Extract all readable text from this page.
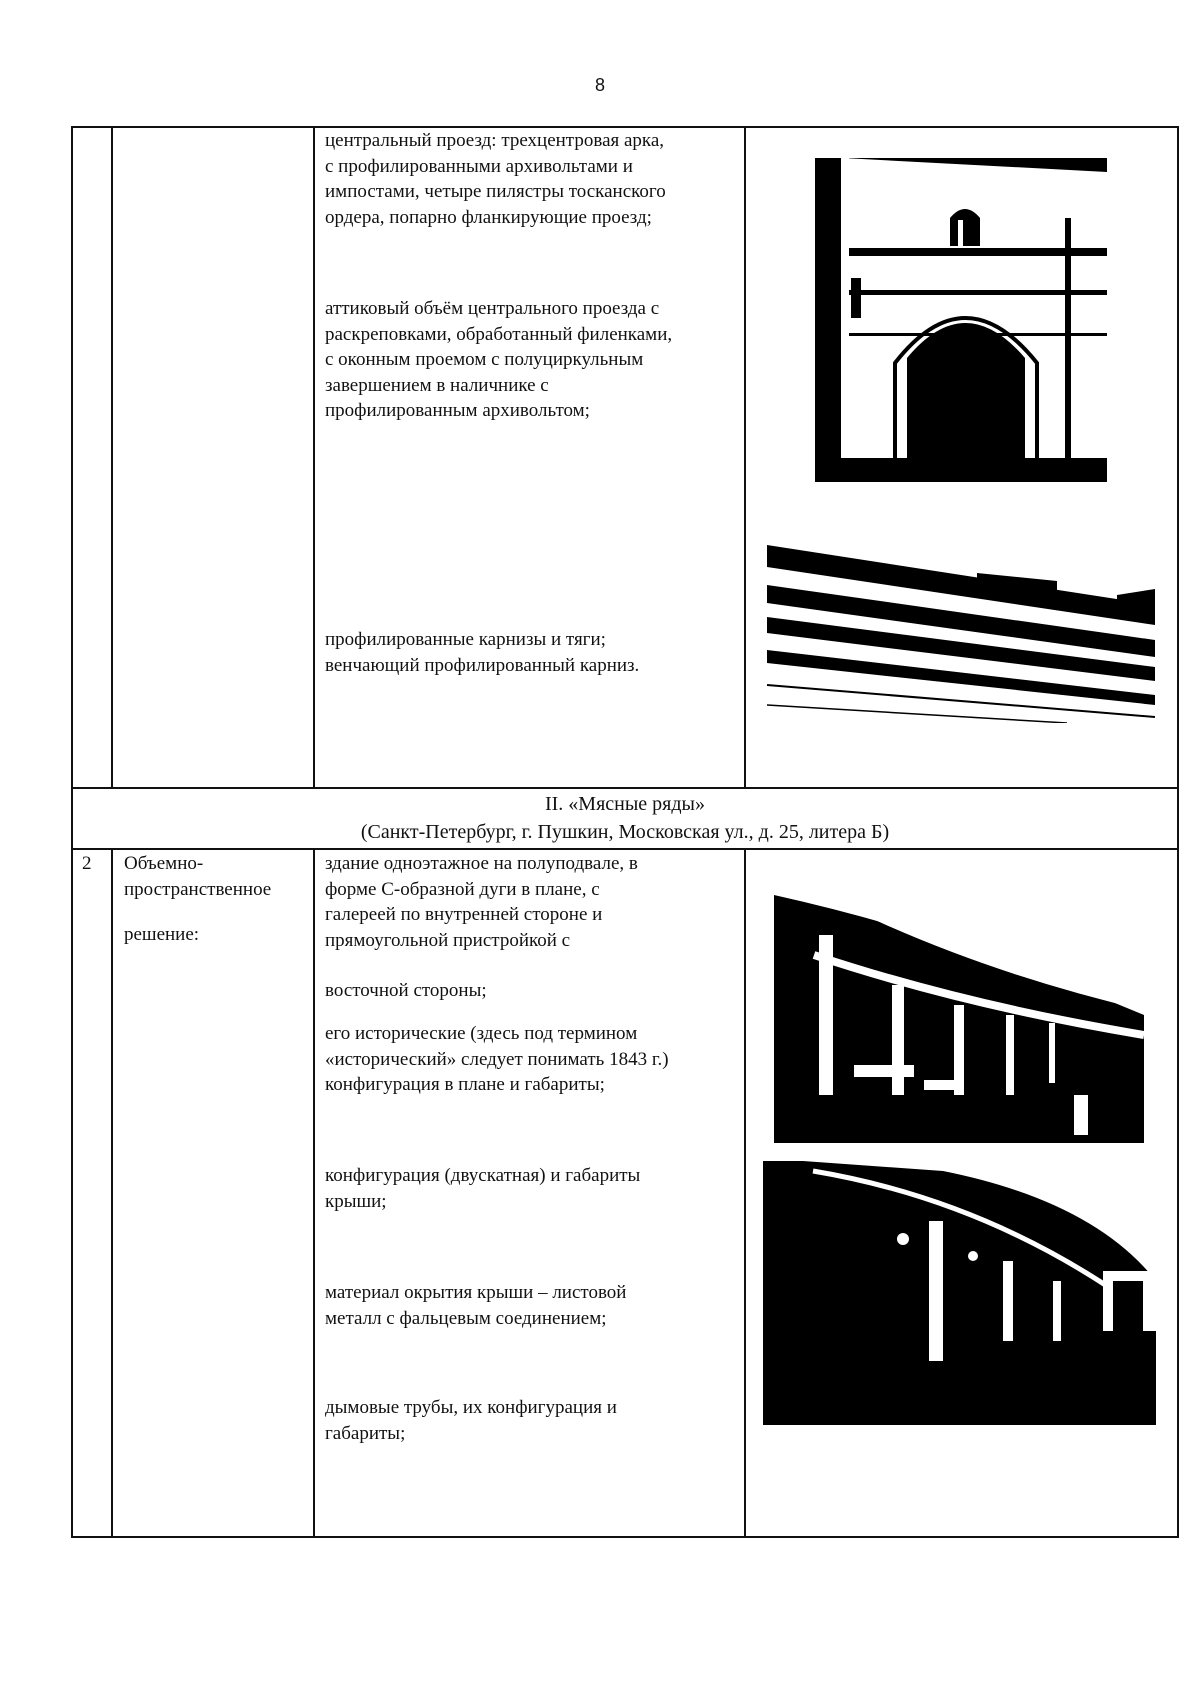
8
центральный проезд: трехцентровая арка,
с профилированными архивольтами и
импостами, четыре пилястры тосканского
ордера, попарно фланкирующие проезд;
аттиковый объём центрального проезда с
раскреповками, обработанный филенками,
с оконным проемом с полуциркульным
завершением в наличнике с
профилированным архивольтом;
профилированные карнизы и тяги;
венчающий профилированный карниз.
II. «Мясные ряды»
(Санкт-Петербург, г. Пушкин, Московская ул., д. 25, литера Б)
2 Объемно-
пространственное
решение:
здание одноэтажное на полуподвале, в
форме С-образной дуги в плане, с
галереей по внутренней стороне и
прямоугольной пристройкой с
восточной стороны;
его исторические (здесь под термином
«исторический» следует понимать 1843 г.)
конфигурация в плане и габариты;
конфигурация (двускатная) и габариты
крыши;
материал окрытия крыши – листовой
металл с фальцевым соединением;
дымовые трубы, их конфигурация и
габариты;
